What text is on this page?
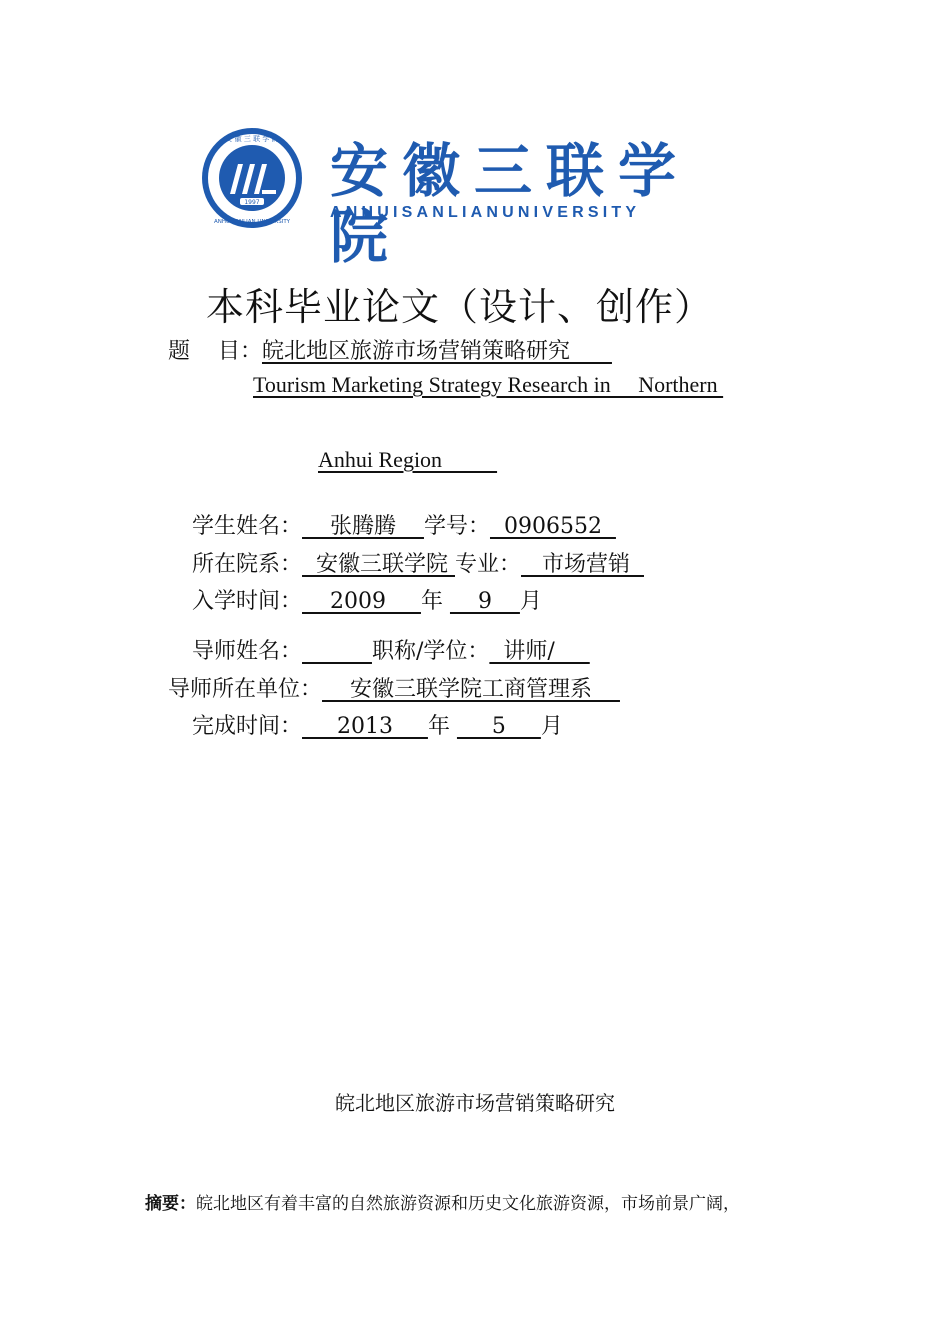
1997
安 徽 三 联 学 院
ANHUISANLIAN UNIVERSITY
安徽三联学院
ANHUISANLIANUNIVERSITY
本科毕业论文（设计、创作）
题    目：皖北地区旅游市场营销策略研究
Tourism Marketing Strategy Research in     Northern
Anhui Region
学生姓名：    张腾腾    学号：  0906552
所在院系：  安徽三联学院 专业：   市场营销
入学时间：    2009     年     9    月
导师姓名：	职称/学位：  讲师/
导师所在单位：    安徽三联学院工商管理系
完成时间：     2013     年      5     月
皖北地区旅游市场营销策略研究
摘要：皖北地区有着丰富的自然旅游资源和历史文化旅游资源，市场前景广阔，
